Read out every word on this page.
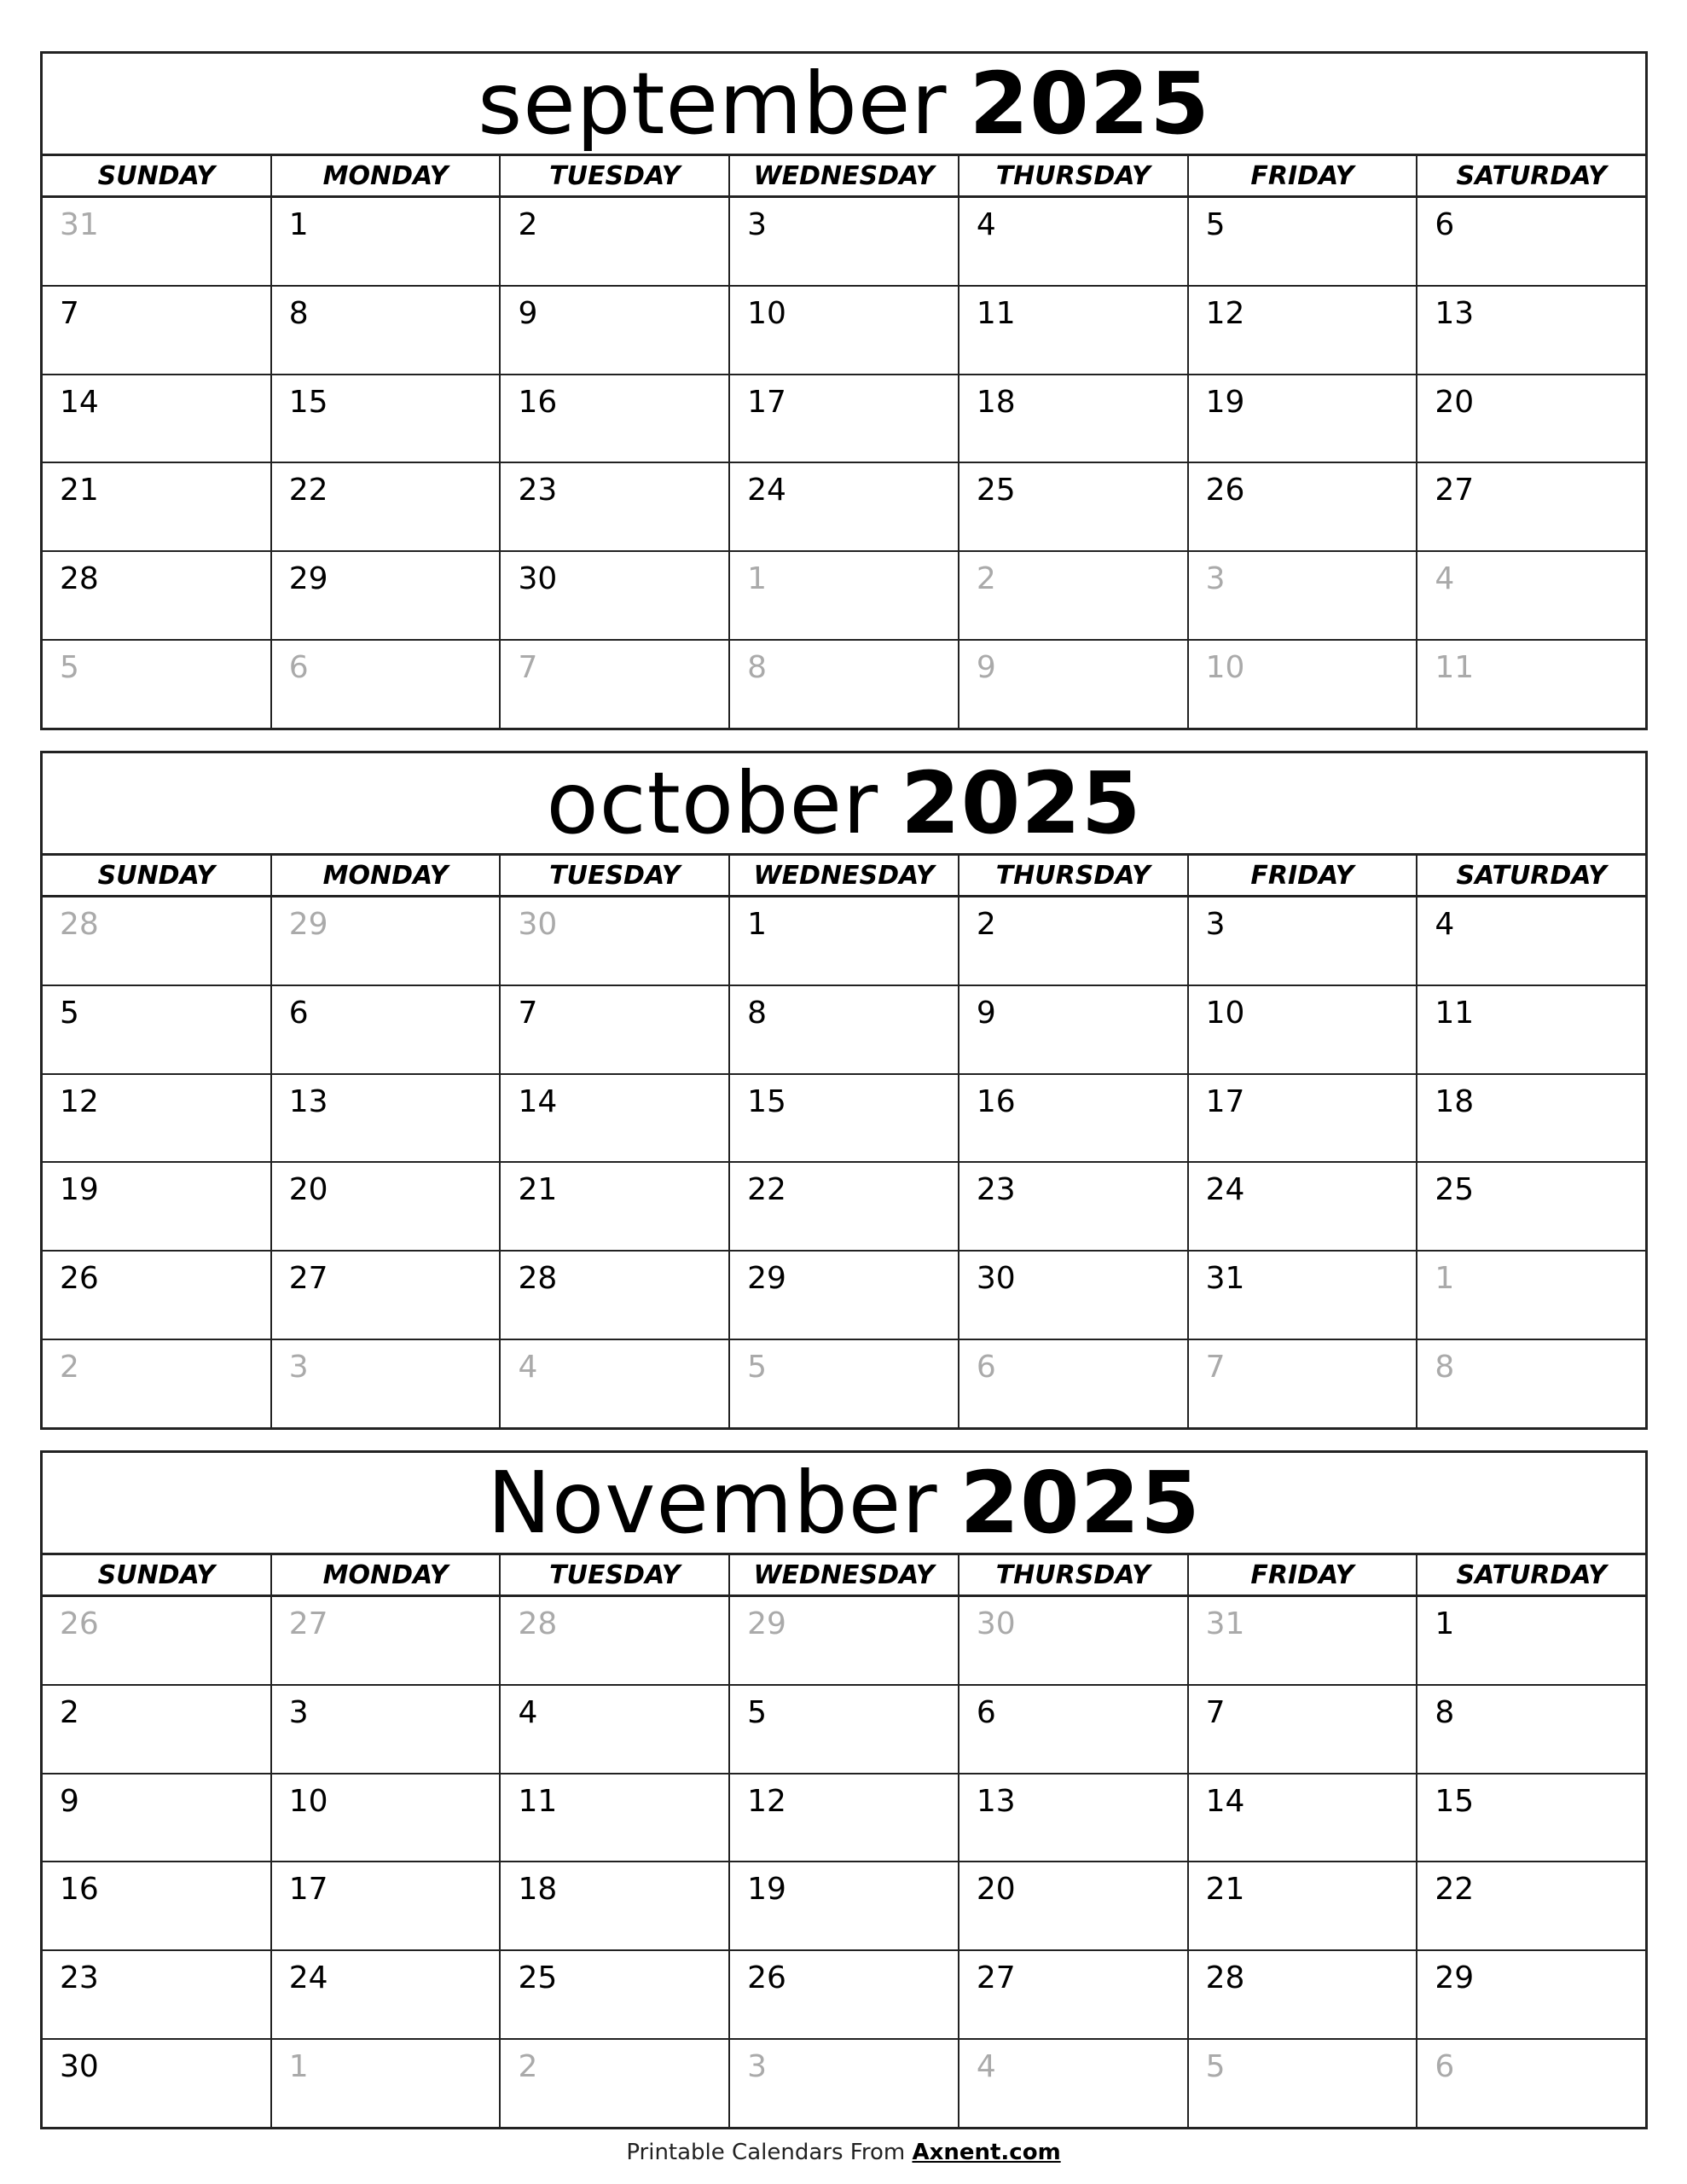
september 2025
SUNDAY	MONDAY	TUESDAY	WEDNESDAY	THURSDAY	FRIDAY	SATURDAY
31	1	2	3	4	5	6
7	8	9	10	11	12	13
14	15	16	17	18	19	20
21	22	23	24	25	26	27
28	29	30	1	2	3	4
5	6	7	8	9	10	11
october 2025
SUNDAY	MONDAY	TUESDAY	WEDNESDAY	THURSDAY	FRIDAY	SATURDAY
28	29	30	1	2	3	4
5	6	7	8	9	10	11
12	13	14	15	16	17	18
19	20	21	22	23	24	25
26	27	28	29	30	31	1
2	3	4	5	6	7	8
November 2025
SUNDAY	MONDAY	TUESDAY	WEDNESDAY	THURSDAY	FRIDAY	SATURDAY
26	27	28	29	30	31	1
2	3	4	5	6	7	8
9	10	11	12	13	14	15
16	17	18	19	20	21	22
23	24	25	26	27	28	29
30	1	2	3	4	5	6
Printable Calendars From Axnent.com
